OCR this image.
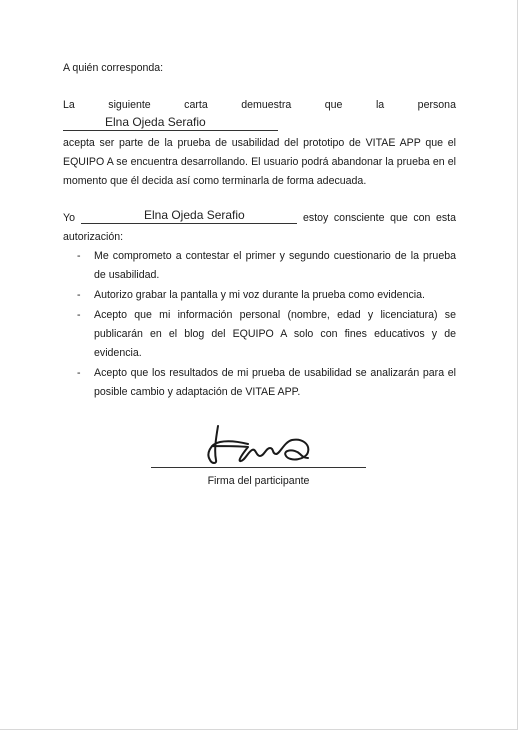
A quién corresponda:
La	siguiente	carta	demuestra	que	la	persona
Elna Ojeda Serafio
acepta ser parte de la prueba de usabilidad del prototipo de VITAE APP que el EQUIPO A se encuentra desarrollando. El usuario podrá abandonar la prueba en el momento que él decida así como terminarla de forma adecuada.
Yo	Elna Ojeda Serafio	estoy consciente que con esta
autorización:
- Me comprometo a contestar el primer y segundo cuestionario de la prueba de usabilidad.
- Autorizo grabar la pantalla y mi voz durante la prueba como evidencia.
- Acepto que mi información personal (nombre, edad y licenciatura) se publicarán en el blog del EQUIPO A solo con fines educativos y de evidencia.
- Acepto que los resultados de mi prueba de usabilidad se analizarán para el posible cambio y adaptación de VITAE APP.
Firma del participante
